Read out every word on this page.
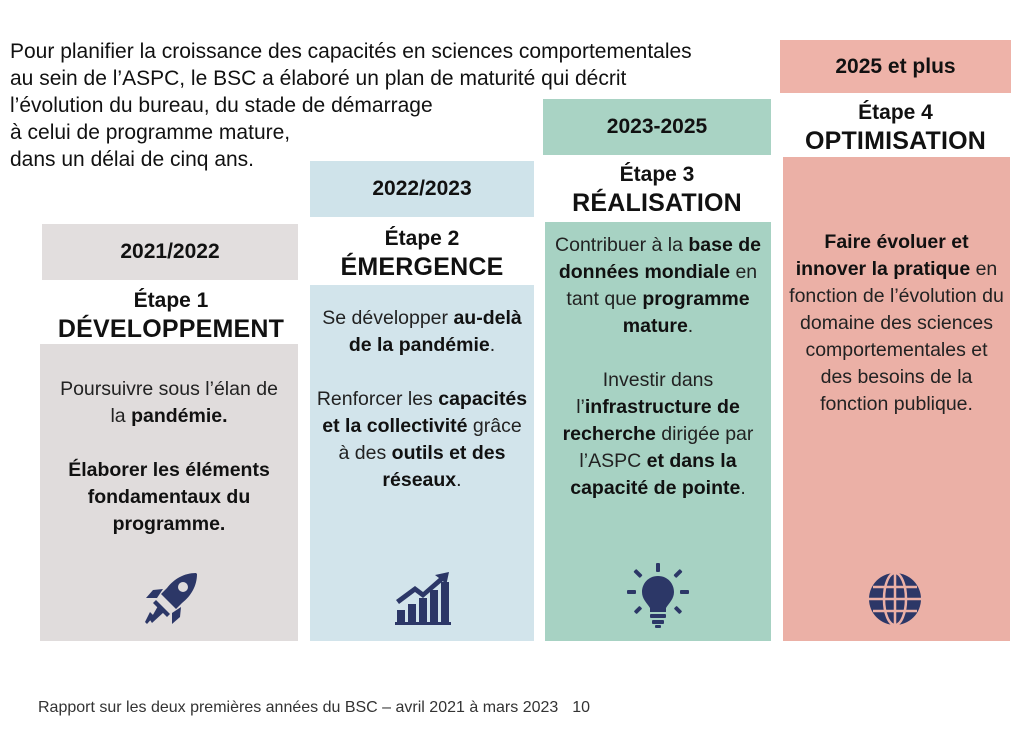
Pour planifier la croissance des capacités en sciences comportementales
au sein de l’ASPC, le BSC a élaboré un plan de maturité qui décrit
l’évolution du bureau, du stade de démarrage
à celui de programme mature,
dans un délai de cinq ans.
2021/2022
Étape 1
DÉVELOPPEMENT

Poursuivre sous l’élan de la pandémie.

Élaborer les éléments fondamentaux du programme.

2022/2023
Étape 2
ÉMERGENCE

Se développer au-delà de la pandémie.

Renforcer les capacités et la collectivité grâce à des outils et des réseaux.

2023-2025
Étape 3
RÉALISATION

Contribuer à la base de données mondiale en tant que programme mature.

Investir dans l’infrastructure de recherche dirigée par l’ASPC et dans la capacité de pointe.

2025 et plus
Étape 4
OPTIMISATION

Faire évoluer et innover la pratique en fonction de l’évolution du domaine des sciences comportementales et des besoins de la fonction publique.

Rapport sur les deux premières années du BSC – avril 2021 à mars 2023 10
